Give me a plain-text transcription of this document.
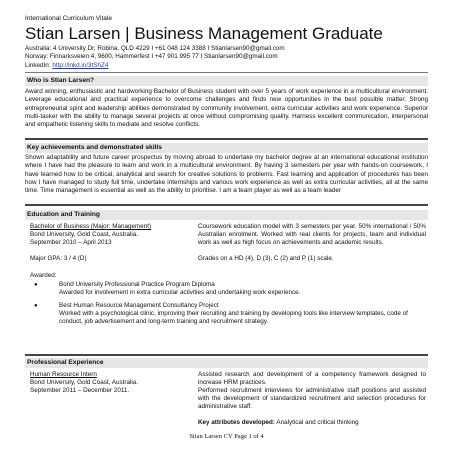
International Curriculum Vitale
Stian Larsen | Business Management Graduate
Australia: 4 University Dr, Robina, QLD 4229 I +61 048 124 3388 I Stianlarsen90@gmail.com
Norway: Finnarksveien 4, 9600, Hammerfest I +47 901 995 77 I Stianlarsen90@gmail.com
LinkedIn: http://lnkd.in/3tShZ4
Who is Stian Larsen?

Award winning, enthusiastic and hardworking Bachelor of Business student with over 5 years of work experience in a multicultural environment. Leverage educational and practical experience to overcome challenges and finds new opportunities in the best possible matter. Strong entrepreneurial spint and leadership abilities demonstrated by community involvement, extra curricular activities and work experience. Superior multi-tasker with the ability to manage several projects at once without compromising quality. Harness excellent communication, interpersonal and empathetic listening skills to mediate and resolve conflicts.

Key achievements and demonstrated skills

Shown adaptability and future career prospectus by moving abroad to undertake my bachelor degree at an international educational institution where I have had the pleasure to learn and work in a multicultural environment. By having 3 semesters per year with hands-on coursework, I have learned how to be critical, analytical and search for creative solutions to problems. Fast learning and application of procedures has been how I have managed to study full time, undertake internships and various work experience as well as extra curricular activities, all at the same time. Time management is essential as well as the ability to prioritise. I am a team player as well as a team leader

Education and Training
Bachelor of Business (Major: Management)
Bond University, Gold Coast, Australia.
September 2010 – April 2013
Major GPA: 3 / 4 (D)

Coursework education model with 3 semesters per year. 50% international / 50% Australian enrolment. Worked with real clients for projects, team and individual work as well as high focus on achievements and academic results.

Grades on a HD (4), D (3), C (2) and P (1) scale.

Awarded:
●	Bond University Professional Practice Program Diploma
Awarded for involvement in extra curricular activities and undertaking work experience.
●	Best Human Resource Management Consultancy Project
Worked with a psychological clinic, improving their recruiting and training by developing tools like interview templates, code of conduct, job advertisement and long-term training and recruitment strategy.
Professional Experience
Human Resource Intern
Bond University, Gold Coast, Australia.
September 2011 – December 2011.

Assisted research and development of a competency framework designed to increase HRM practices.

Performed recruitment interviews for administrative staff positions and assisted with the development of standardized recruitment and selection procedures for administrative staff.

Key attributes developed: Analytical and critical thinking

Stian Larsen CV Page 1 of 4
